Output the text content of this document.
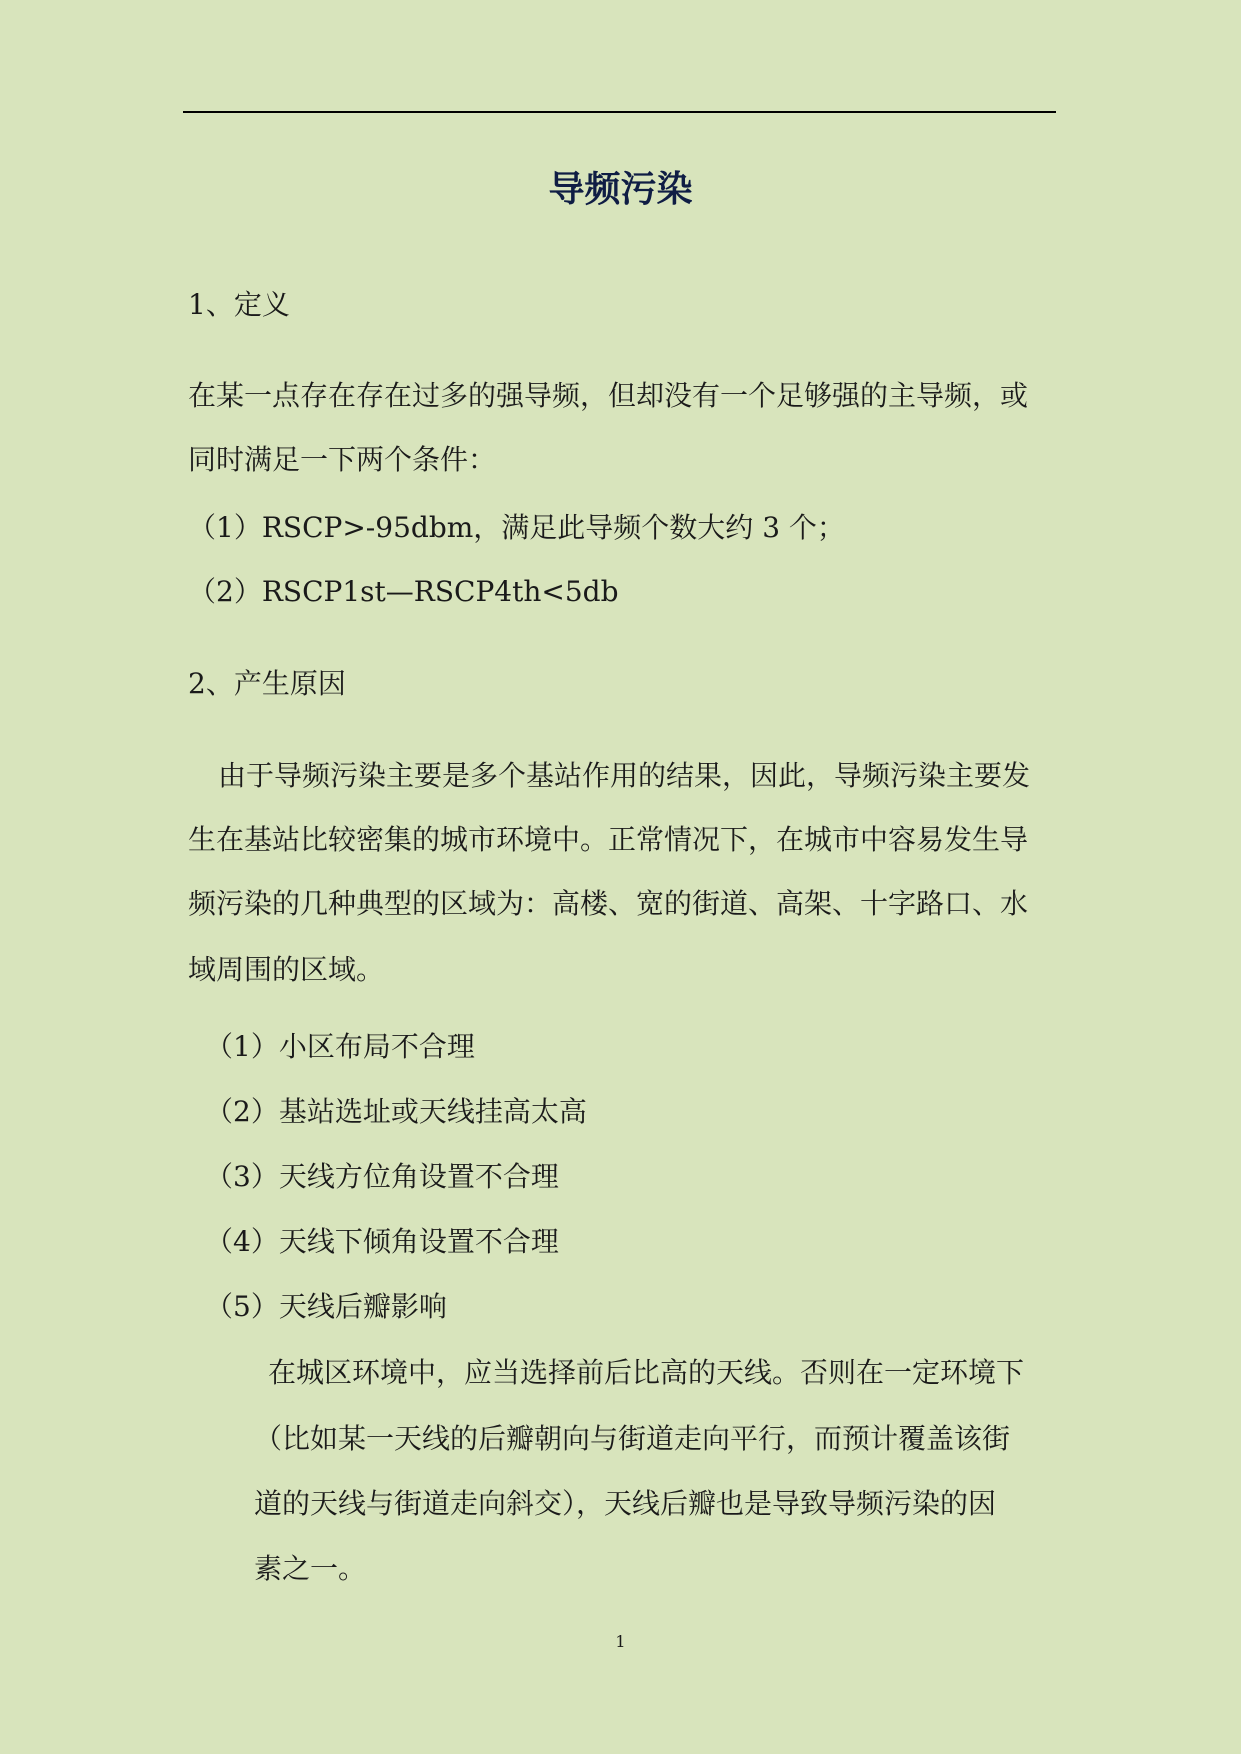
导频污染
1、定义
在某一点存在存在过多的强导频，但却没有一个足够强的主导频，或
同时满足一下两个条件：
（1）RSCP>-95dbm，满足此导频个数大约 3 个；
（2）RSCP1st—RSCP4th<5db
2、产生原因
由于导频污染主要是多个基站作用的结果，因此，导频污染主要发
生在基站比较密集的城市环境中。正常情况下，在城市中容易发生导
频污染的几种典型的区域为：高楼、宽的街道、高架、十字路口、水
域周围的区域。
（1）小区布局不合理
（2）基站选址或天线挂高太高
（3）天线方位角设置不合理
（4）天线下倾角设置不合理
（5）天线后瓣影响
在城区环境中，应当选择前后比高的天线。否则在一定环境下
（比如某一天线的后瓣朝向与街道走向平行，而预计覆盖该街
道的天线与街道走向斜交），天线后瓣也是导致导频污染的因
素之一。
1
